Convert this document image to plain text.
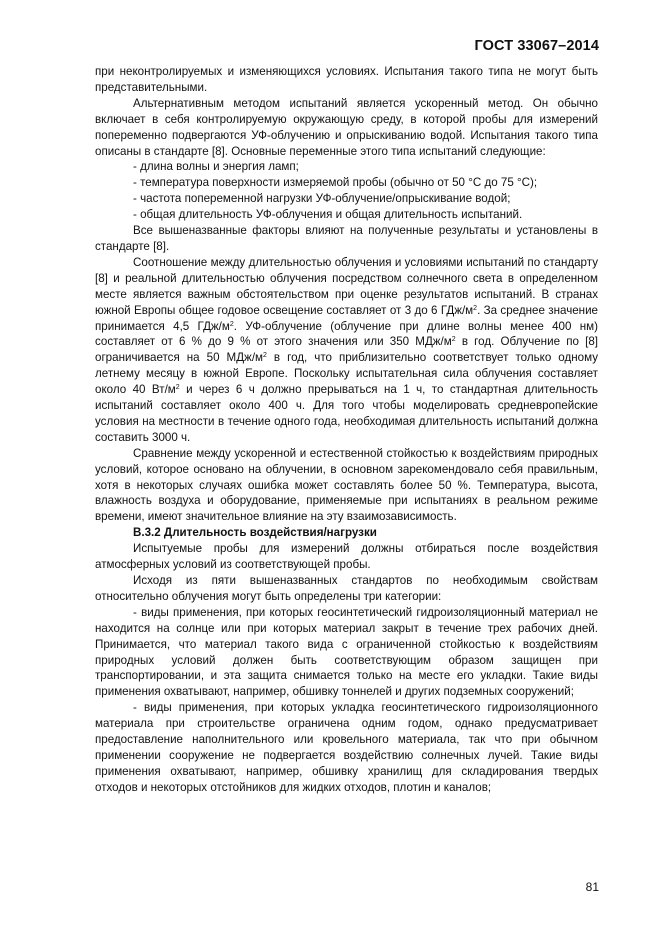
ГОСТ 33067–2014

при неконтролируемых и изменяющихся условиях. Испытания такого типа не могут быть представительными.

Альтернативным методом испытаний является ускоренный метод. Он обычно включает в себя контролируемую окружающую среду, в которой пробы для измерений попеременно подвергаются УФ-облучению и опрыскиванию водой. Испытания такого типа описаны в стандарте [8]. Основные переменные этого типа испытаний следующие:

- длина волны и энергия ламп;

- температура поверхности измеряемой пробы (обычно от 50 °С до 75 °С);

- частота попеременной нагрузки УФ-облучение/опрыскивание водой;

- общая длительность УФ-облучения и общая длительность испытаний.

Все вышеназванные факторы влияют на полученные результаты и установлены в стандарте [8].

Соотношение между длительностью облучения и условиями испытаний по стандарту [8] и реальной длительностью облучения посредством солнечного света в определенном месте является важным обстоятельством при оценке результатов испытаний. В странах южной Европы общее годовое освещение составляет от 3 до 6 ГДж/$м^2$. За среднее значение принимается 4,5 ГДж/$м^2$. УФ-облучение (облучение при длине волны менее 400 нм) составляет от 6 % до 9 % от этого значения или 350 МДж/$м^2$ в год. Облучение по [8] ограничивается на 50 МДж/$м^2$ в год, что приблизительно соответствует только одному летнему месяцу в южной Европе. Поскольку испытательная сила облучения составляет около 40 $Вт/м^2$ и через 6 ч должно прерываться на 1 ч, то стандартная длительность испытаний составляет около 400 ч. Для того чтобы моделировать средневропейские условия на местности в течение одного года, необходимая длительность испытаний должна составить 3000 ч.

Сравнение между ускоренной и естественной стойкостью к воздействиям природных условий, которое основано на облучении, в основном зарекомендовало себя правильным, хотя в некоторых случаях ошибка может составлять более 50 %. Температура, высота, влажность воздуха и оборудование, применяемые при испытаниях в реальном режиме времени, имеют значительное влияние на эту взаимозависимость.

В.3.2 Длительность воздействия/нагрузки

Испытуемые пробы для измерений должны отбираться после воздействия атмосферных условий из соответствующей пробы.

Исходя из пяти вышеназванных стандартов по необходимым свойствам относительно облучения могут быть определены три категории:

- виды применения, при которых геосинтетический гидроизоляционный материал не находится на солнце или при которых материал закрыт в течение трех рабочих дней. Принимается, что материал такого вида с ограниченной стойкостью к воздействиям природных условий должен быть соответствующим образом защищен при транспортировании, и эта защита снимается только на месте его укладки. Такие виды применения охватывают, например, обшивку тоннелей и других подземных сооружений;

- виды применения, при которых укладка геосинтетического гидроизоляционного материала при строительстве ограничена одним годом, однако предусматривает предоставление наполнительного или кровельного материала, так что при обычном применении сооружение не подвергается воздействию солнечных лучей. Такие виды применения охватывают, например, обшивку хранилищ для складирования твердых отходов и некоторых отстойников для жидких отходов, плотин и каналов;

81
